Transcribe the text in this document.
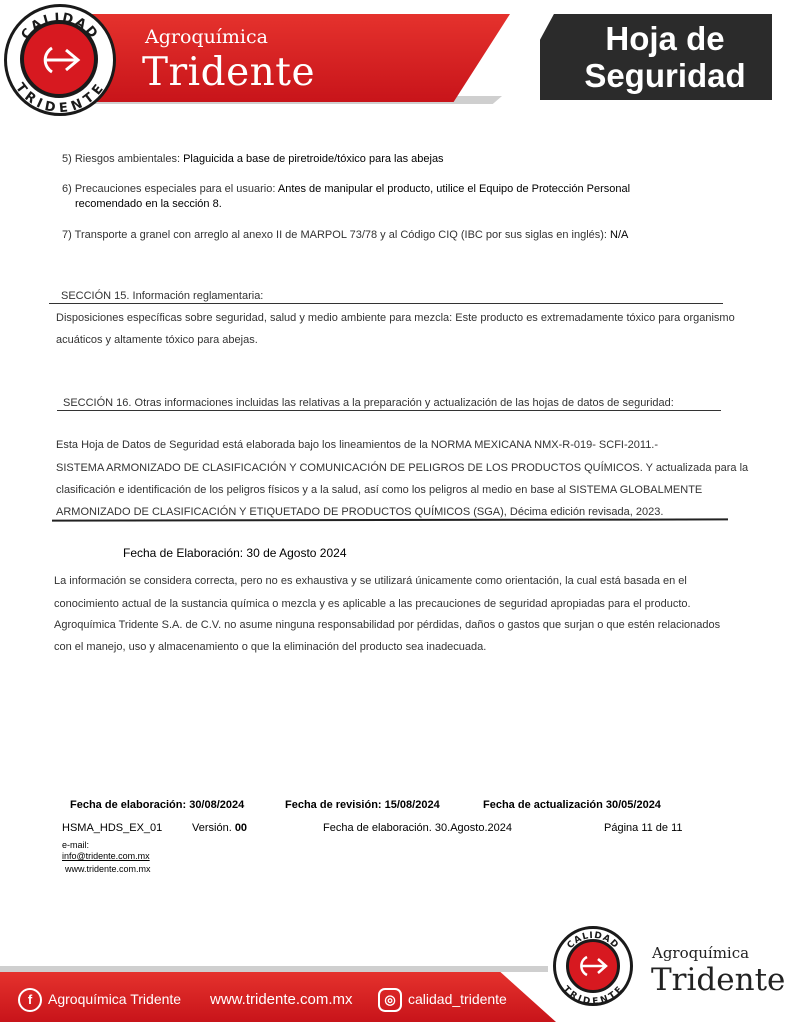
Agroquímica
Tridente
CALIDAD
TRIDENTE
Hoja de
Seguridad
5) Riesgos ambientales: Plaguicida a base de piretroide/tóxico para las abejas
6) Precauciones especiales para el usuario: Antes de manipular el producto, utilice el Equipo de Protección Personal
recomendado en la sección 8.
7) Transporte a granel con arreglo al anexo II de MARPOL 73/78 y al Código CIQ (IBC por sus siglas en inglés): N/A
SECCIÓN 15. Información reglamentaria:
Disposiciones específicas sobre seguridad, salud y medio ambiente para mezcla: Este producto es extremadamente tóxico para organismo
acuáticos y altamente tóxico para abejas.
SECCIÓN 16. Otras informaciones incluidas las relativas a la preparación y actualización de las hojas de datos de seguridad:
Esta Hoja de Datos de Seguridad está elaborada bajo los lineamientos de la NORMA MEXICANA NMX-R-019- SCFI-2011.-
SISTEMA ARMONIZADO DE CLASIFICACIÓN Y COMUNICACIÓN DE PELIGROS DE LOS PRODUCTOS QUÍMICOS. Y actualizada para la
clasificación e identificación de los peligros físicos y a la salud, así como los peligros al medio en base al SISTEMA GLOBALMENTE
ARMONIZADO DE CLASIFICACIÓN Y ETIQUETADO DE PRODUCTOS QUÍMICOS (SGA), Décima edición revisada, 2023.
Fecha de Elaboración: 30 de Agosto 2024
La información se considera correcta, pero no es exhaustiva y se utilizará únicamente como orientación, la cual está basada en el
conocimiento actual de la sustancia química o mezcla y es aplicable a las precauciones de seguridad apropiadas para el producto.
Agroquímica Tridente S.A. de C.V. no asume ninguna responsabilidad por pérdidas, daños o gastos que surjan o que estén relacionados
con el manejo, uso y almacenamiento o que la eliminación del producto sea inadecuada.
Fecha de elaboración: 30/08/2024	Fecha de revisión: 15/08/2024	Fecha de actualización 30/05/2024
HSMA_HDS_EX_01	Versión. 00	Fecha de elaboración. 30.Agosto.2024	Página 11 de 11
e-mail:
info@tridente.com.mx
www.tridente.com.mx
f	Agroquímica Tridente www.tridente.com.mx	◎ calidad_tridente
CALIDAD
TRIDENTE
Agroquímica
Tridente
